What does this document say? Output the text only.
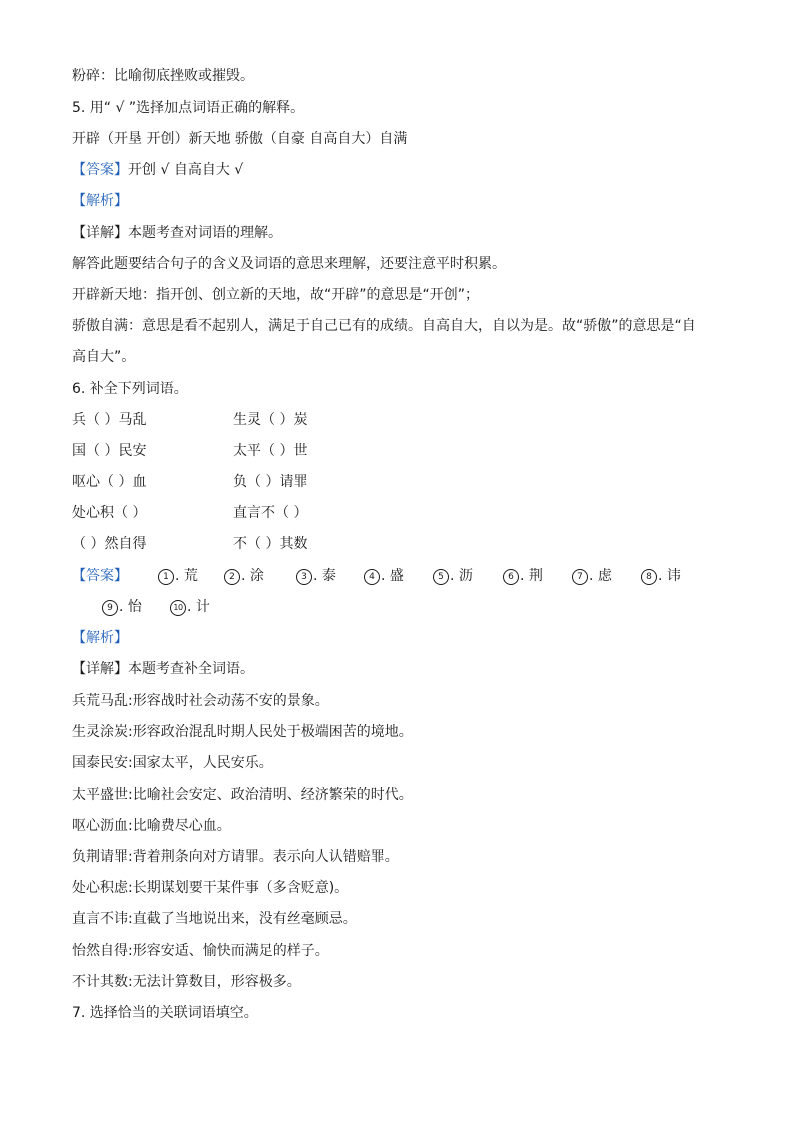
粉碎：比喻彻底挫败或摧毁。
5. 用“ √ ”选择加点词语正确的解释。
开辟（开垦 开创）新天地 骄傲（自豪 自高自大）自满
【答案】开创 √ 自高自大 √
【解析】
【详解】本题考查对词语的理解。
解答此题要结合句子的含义及词语的意思来理解，还要注意平时积累。
开辟新天地：指开创、创立新的天地，故“开辟”的意思是“开创”；
骄傲自满：意思是看不起别人，满足于自己已有的成绩。自高自大，自以为是。故“骄傲”的意思是“自
高自大”。
6. 补全下列词语。
兵（ ）马乱	生灵（ ）炭
国（ ）民安	太平（ ）世
呕心（ ）血	负（ ）请罪
处心积（ ）	直言不（ ）
（ ）然自得	不（ ）其数
【答案】	1 . 荒	2 . 涂	3 . 泰	4 . 盛	5 . 沥	6 . 荆	7 . 虑	8 . 讳
9 . 怡	10 . 计
【解析】
【详解】本题考查补全词语。
兵荒马乱:形容战时社会动荡不安的景象。
生灵涂炭:形容政治混乱时期人民处于极端困苦的境地。
国泰民安:国家太平，人民安乐。
太平盛世:比喻社会安定、政治清明、经济繁荣的时代。
呕心沥血:比喻费尽心血。
负荆请罪:背着荆条向对方请罪。表示向人认错赔罪。
处心积虑:长期谋划要干某件事（多含贬意)。
直言不讳:直截了当地说出来，没有丝毫顾忌。
怡然自得:形容安适、愉快而满足的样子。
不计其数:无法计算数目，形容极多。
7. 选择恰当的关联词语填空。
